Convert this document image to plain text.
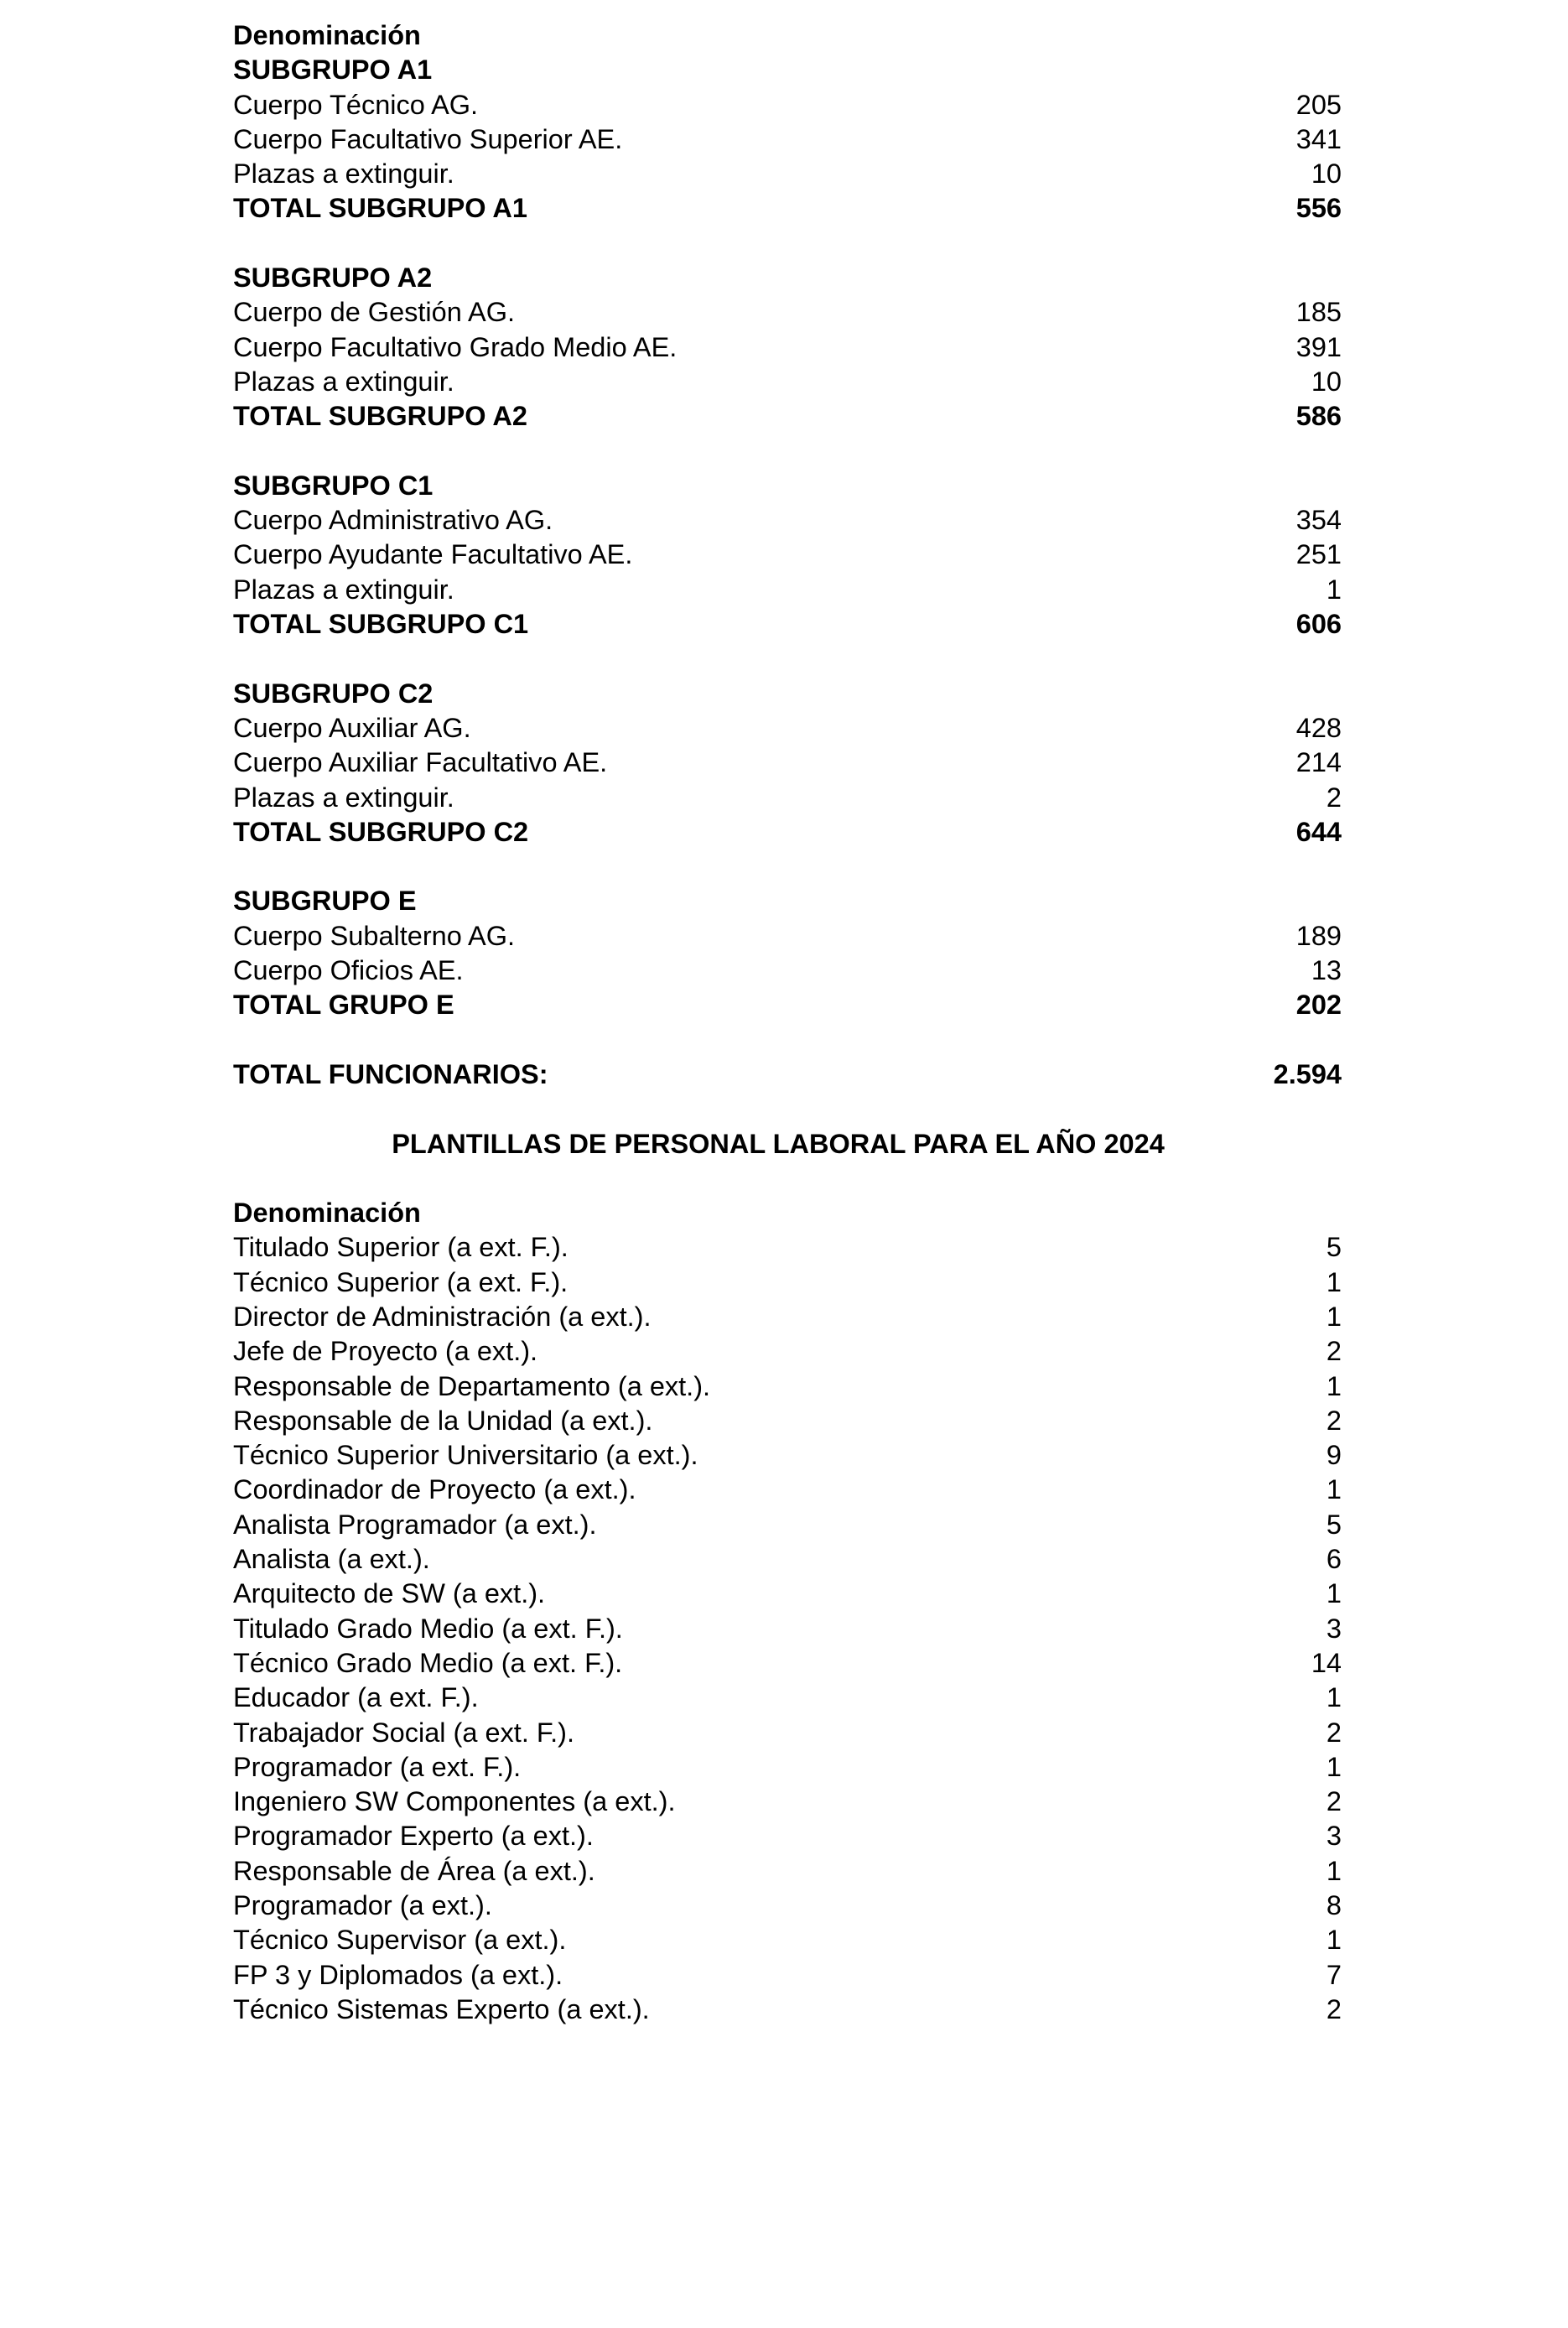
Denominación
SUBGRUPO A1
Cuerpo Técnico AG.	205
Cuerpo Facultativo Superior AE.	341
Plazas a extinguir.	10
TOTAL SUBGRUPO A1	556
SUBGRUPO A2
Cuerpo de Gestión AG.	185
Cuerpo Facultativo Grado Medio AE.	391
Plazas a extinguir.	10
TOTAL SUBGRUPO A2	586
SUBGRUPO C1
Cuerpo Administrativo AG.	354
Cuerpo Ayudante Facultativo AE.	251
Plazas a extinguir.	1
TOTAL SUBGRUPO C1	606
SUBGRUPO C2
Cuerpo Auxiliar AG.	428
Cuerpo Auxiliar Facultativo AE.	214
Plazas a extinguir.	2
TOTAL SUBGRUPO C2	644
SUBGRUPO E
Cuerpo Subalterno AG.	189
Cuerpo Oficios AE.	13
TOTAL GRUPO E	202
TOTAL FUNCIONARIOS:	2.594
PLANTILLAS DE PERSONAL LABORAL PARA EL AÑO 2024
Denominación
Titulado Superior (a ext. F.).	5
Técnico Superior (a ext. F.).	1
Director de Administración (a ext.).	1
Jefe de Proyecto (a ext.).	2
Responsable de Departamento (a ext.).	1
Responsable de la Unidad (a ext.).	2
Técnico Superior Universitario (a ext.).	9
Coordinador de Proyecto (a ext.).	1
Analista Programador (a ext.).	5
Analista (a ext.).	6
Arquitecto de SW (a ext.).	1
Titulado Grado Medio (a ext. F.).	3
Técnico Grado Medio (a ext. F.).	14
Educador (a ext. F.).	1
Trabajador Social (a ext. F.).	2
Programador (a ext. F.).	1
Ingeniero SW Componentes (a ext.).	2
Programador Experto (a ext.).	3
Responsable de Área (a ext.).	1
Programador (a ext.).	8
Técnico Supervisor (a ext.).	1
FP 3 y Diplomados (a ext.).	7
Técnico Sistemas Experto (a ext.).	2
